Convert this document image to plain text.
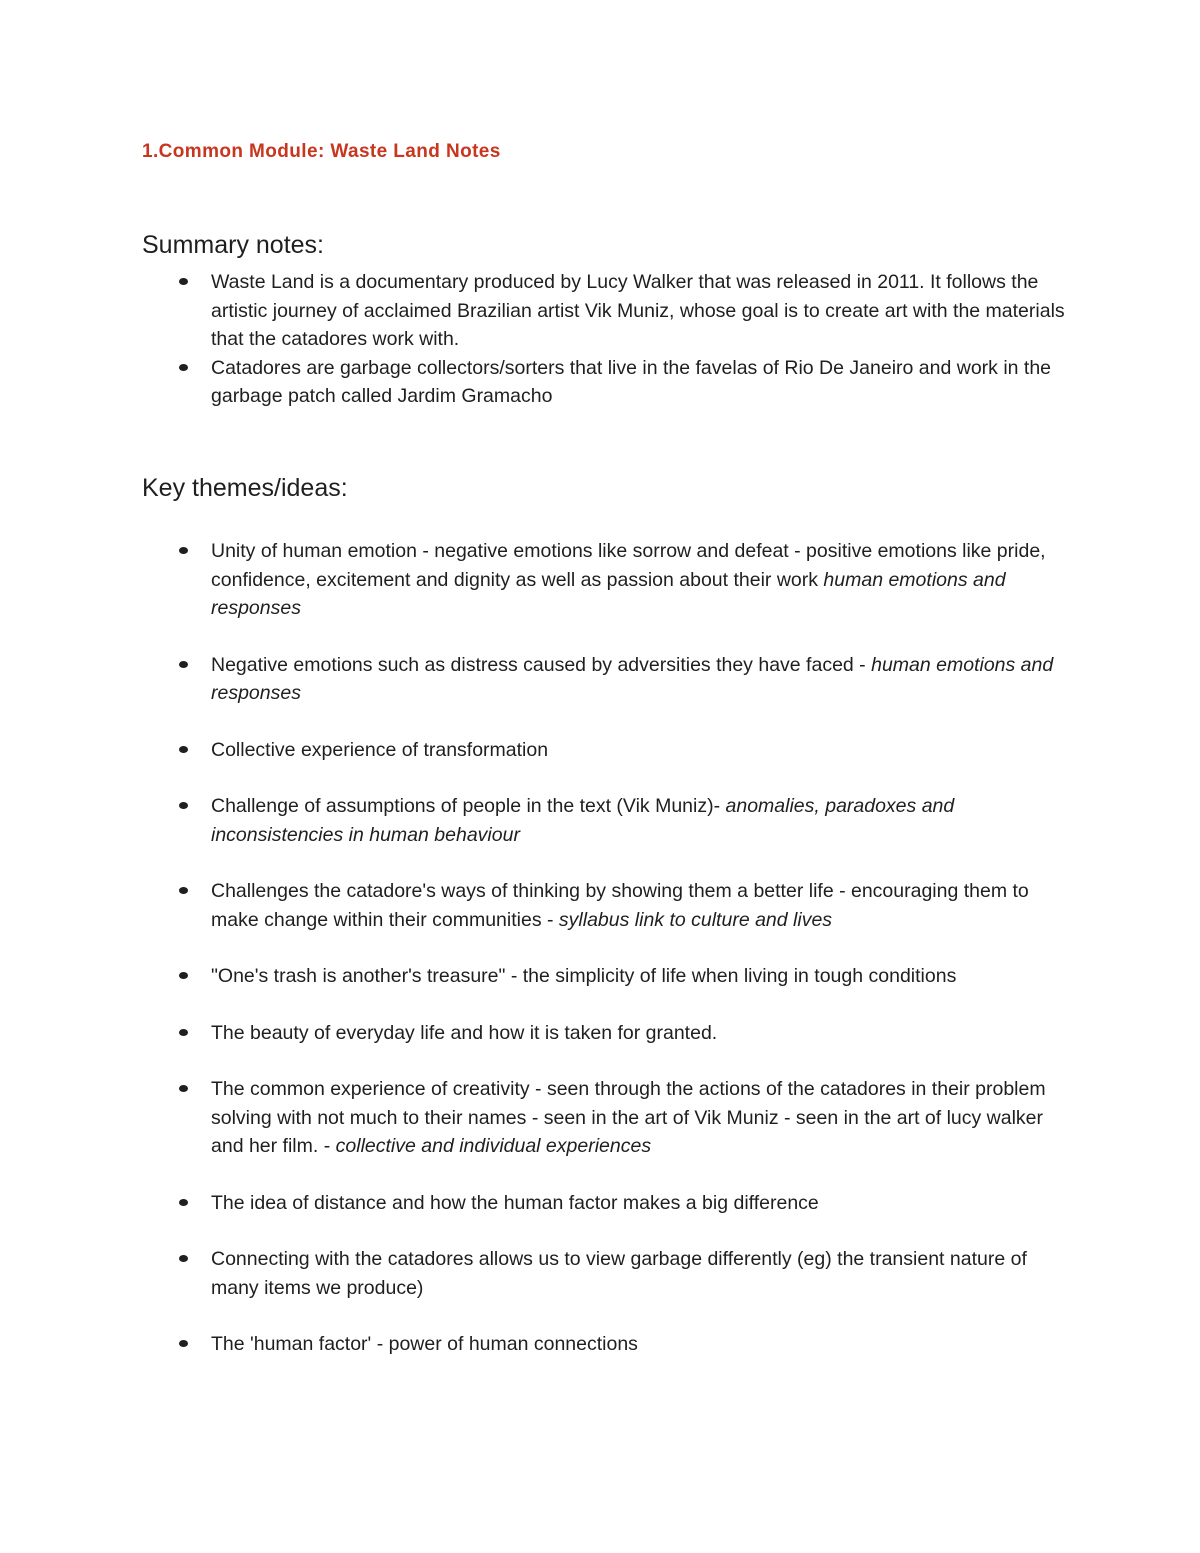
1.Common Module: Waste Land Notes
Summary notes:
Waste Land is a documentary produced by Lucy Walker that was released in 2011. It follows the artistic journey of acclaimed Brazilian artist Vik Muniz, whose goal is to create art with the materials that the catadores work with.
Catadores are garbage collectors/sorters that live in the favelas of Rio De Janeiro and work in the garbage patch called Jardim Gramacho
Key themes/ideas:
Unity of human emotion - negative emotions like sorrow and defeat - positive emotions like pride, confidence, excitement and dignity as well as passion about their work human emotions and responses
Negative emotions such as distress caused by adversities they have faced - human emotions and responses
Collective experience of transformation
Challenge of assumptions of people in the text (Vik Muniz)- anomalies, paradoxes and inconsistencies in human behaviour
Challenges the catadore's ways of thinking by showing them a better life - encouraging them to make change within their communities - syllabus link to culture and lives
"One's trash is another's treasure" - the simplicity of life when living in tough conditions
The beauty of everyday life and how it is taken for granted.
The common experience of creativity - seen through the actions of the catadores in their problem solving with not much to their names - seen in the art of Vik Muniz - seen in the art of lucy walker and her film. - collective and individual experiences
The idea of distance and how the human factor makes a big difference
Connecting with the catadores allows us to view garbage differently (eg) the transient nature of many items we produce)
The 'human factor' - power of human connections
